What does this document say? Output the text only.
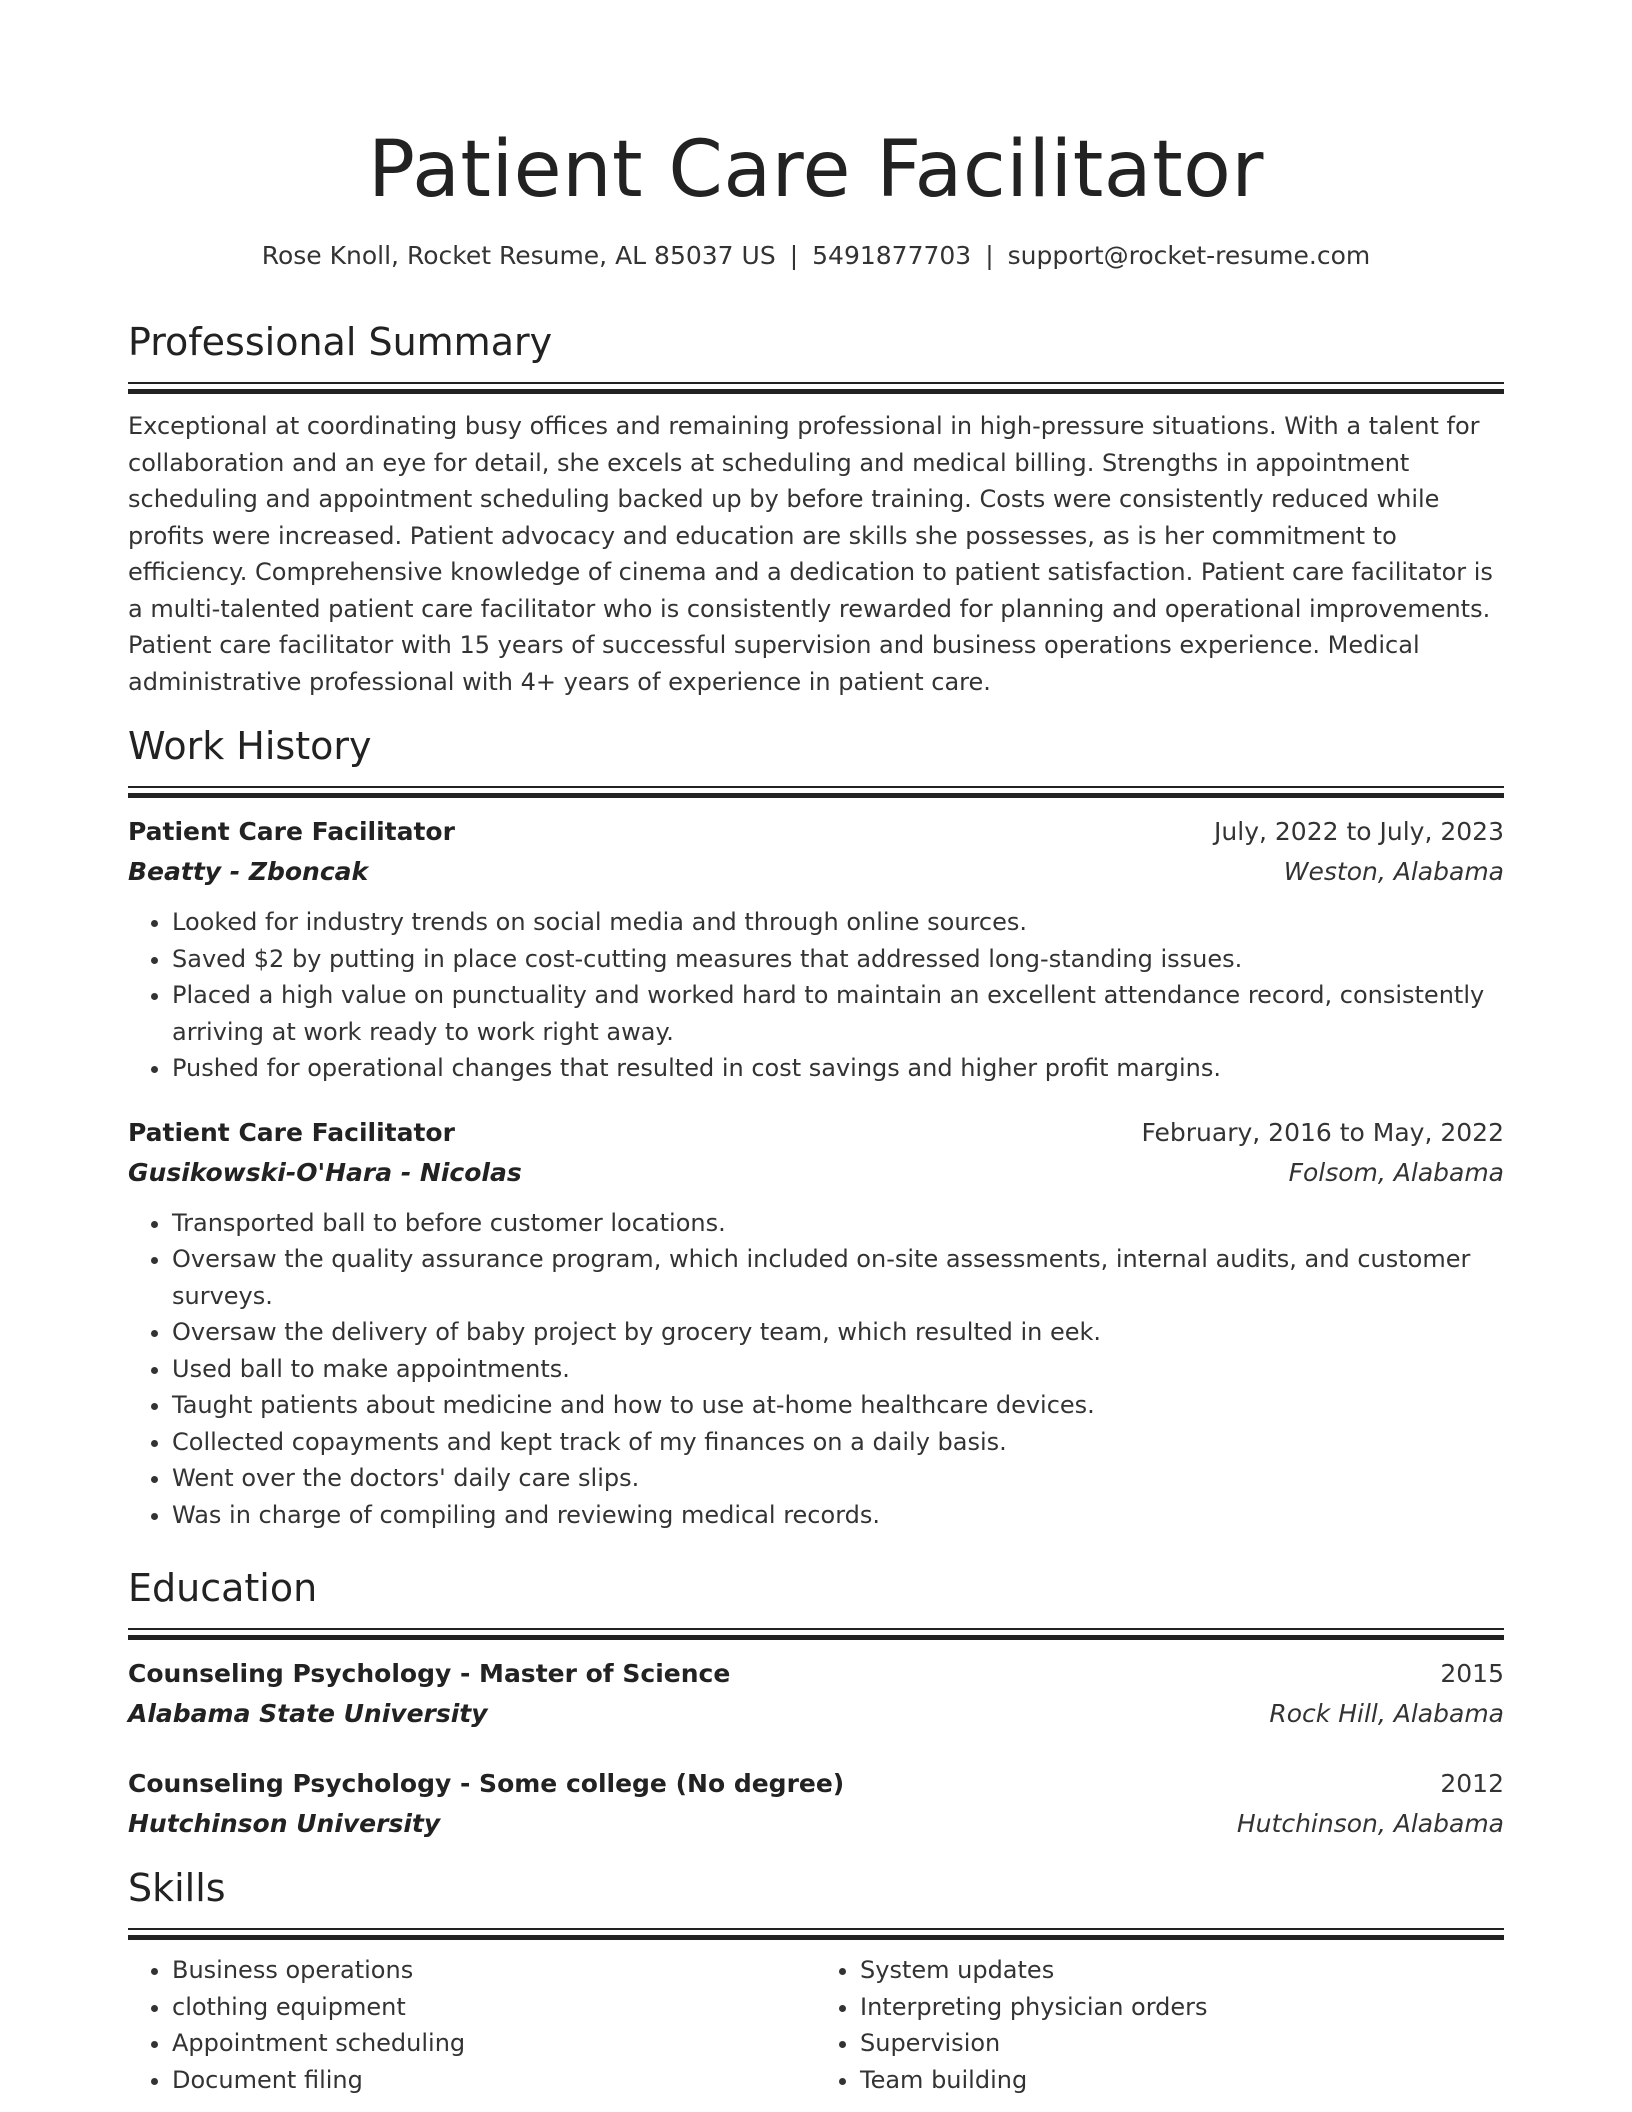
Patient Care Facilitator
Rose Knoll, Rocket Resume, AL 85037 US | 5491877703 | support@rocket-resume.com
Professional Summary

Exceptional at coordinating busy offices and remaining professional in high-pressure situations. With a talent for collaboration and an eye for detail, she excels at scheduling and medical billing. Strengths in appointment scheduling and appointment scheduling backed up by before training. Costs were consistently reduced while profits were increased. Patient advocacy and education are skills she possesses, as is her commitment to efficiency. Comprehensive knowledge of cinema and a dedication to patient satisfaction. Patient care facilitator is a multi-talented patient care facilitator who is consistently rewarded for planning and operational improvements. Patient care facilitator with 15 years of successful supervision and business operations experience. Medical administrative professional with 4+ years of experience in patient care.

Work History
Patient Care Facilitator	July, 2022 to July, 2023
Beatty - Zboncak	Weston, Alabama
• Looked for industry trends on social media and through online sources.
• Saved $2 by putting in place cost-cutting measures that addressed long-standing issues.
• Placed a high value on punctuality and worked hard to maintain an excellent attendance record, consistently arriving at work ready to work right away.
• Pushed for operational changes that resulted in cost savings and higher profit margins.
Patient Care Facilitator	February, 2016 to May, 2022
Gusikowski-O'Hara - Nicolas	Folsom, Alabama
• Transported ball to before customer locations.
• Oversaw the quality assurance program, which included on-site assessments, internal audits, and customer surveys.
• Oversaw the delivery of baby project by grocery team, which resulted in eek.
• Used ball to make appointments.
• Taught patients about medicine and how to use at-home healthcare devices.
• Collected copayments and kept track of my finances on a daily basis.
• Went over the doctors' daily care slips.
• Was in charge of compiling and reviewing medical records.
Education
Counseling Psychology - Master of Science	2015
Alabama State University	Rock Hill, Alabama
Counseling Psychology - Some college (No degree)	2012
Hutchinson University	Hutchinson, Alabama
Skills
• Business operations
• clothing equipment
• Appointment scheduling
• Document filing
• System updates
• Interpreting physician orders
• Supervision
• Team building
